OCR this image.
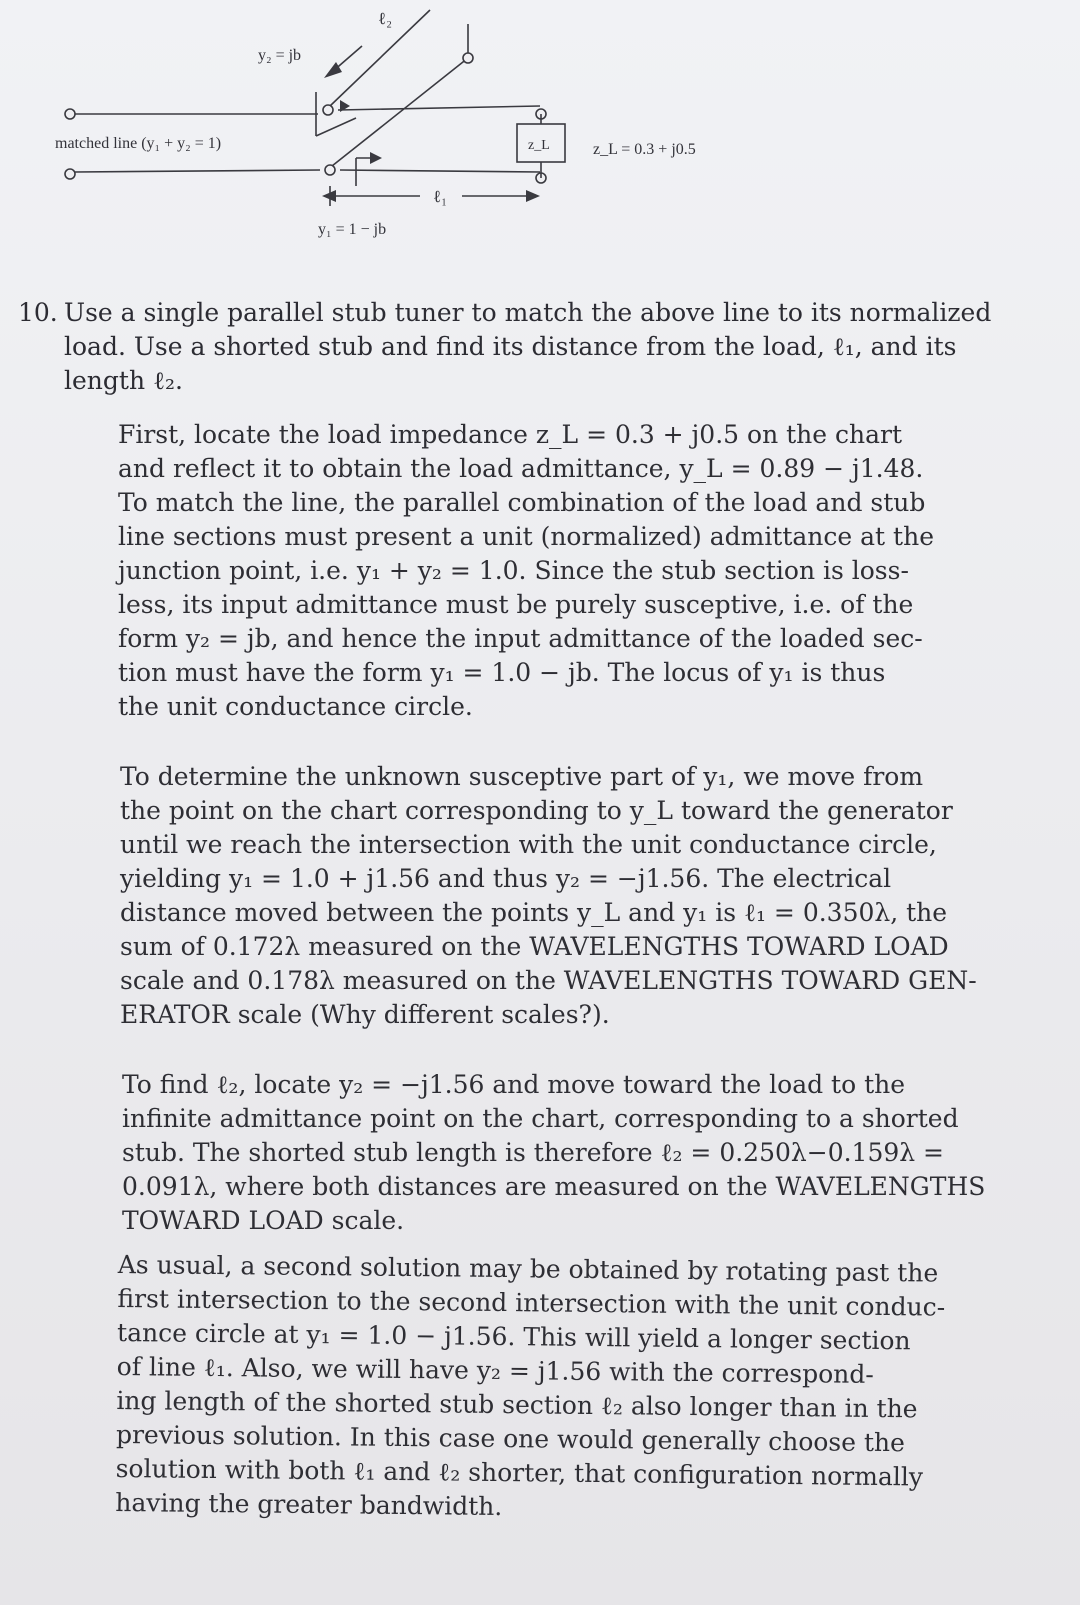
ℓ₂
y₂ = jb
matched line (y₁ + y₂ = 1)	z_L	z_L = 0.3 + j0.5
ℓ₁
y₁ = 1 − jb
10. Use a single parallel stub tuner to match the above line to its normalized
load. Use a shorted stub and find its distance from the load, ℓ₁, and its
length ℓ₂.
First, locate the load impedance z_L = 0.3 + j0.5 on the chart
and reflect it to obtain the load admittance, y_L = 0.89 − j1.48.
To match the line, the parallel combination of the load and stub
line sections must present a unit (normalized) admittance at the
junction point, i.e. y₁ + y₂ = 1.0. Since the stub section is loss-
less, its input admittance must be purely susceptive, i.e. of the
form y₂ = jb, and hence the input admittance of the loaded sec-
tion must have the form y₁ = 1.0 − jb. The locus of y₁ is thus
the unit conductance circle.
To determine the unknown susceptive part of y₁, we move from
the point on the chart corresponding to y_L toward the generator
until we reach the intersection with the unit conductance circle,
yielding y₁ = 1.0 + j1.56 and thus y₂ = −j1.56. The electrical
distance moved between the points y_L and y₁ is ℓ₁ = 0.350λ, the
sum of 0.172λ measured on the WAVELENGTHS TOWARD LOAD
scale and 0.178λ measured on the WAVELENGTHS TOWARD GEN-
ERATOR scale (Why different scales?).
To find ℓ₂, locate y₂ = −j1.56 and move toward the load to the
infinite admittance point on the chart, corresponding to a shorted
stub. The shorted stub length is therefore ℓ₂ = 0.250λ−0.159λ =
0.091λ, where both distances are measured on the WAVELENGTHS
TOWARD LOAD scale.
As usual, a second solution may be obtained by rotating past the
first intersection to the second intersection with the unit conduc-
tance circle at y₁ = 1.0 − j1.56. This will yield a longer section
of line ℓ₁. Also, we will have y₂ = j1.56 with the correspond-
ing length of the shorted stub section ℓ₂ also longer than in the
previous solution. In this case one would generally choose the
solution with both ℓ₁ and ℓ₂ shorter, that configuration normally
having the greater bandwidth.
